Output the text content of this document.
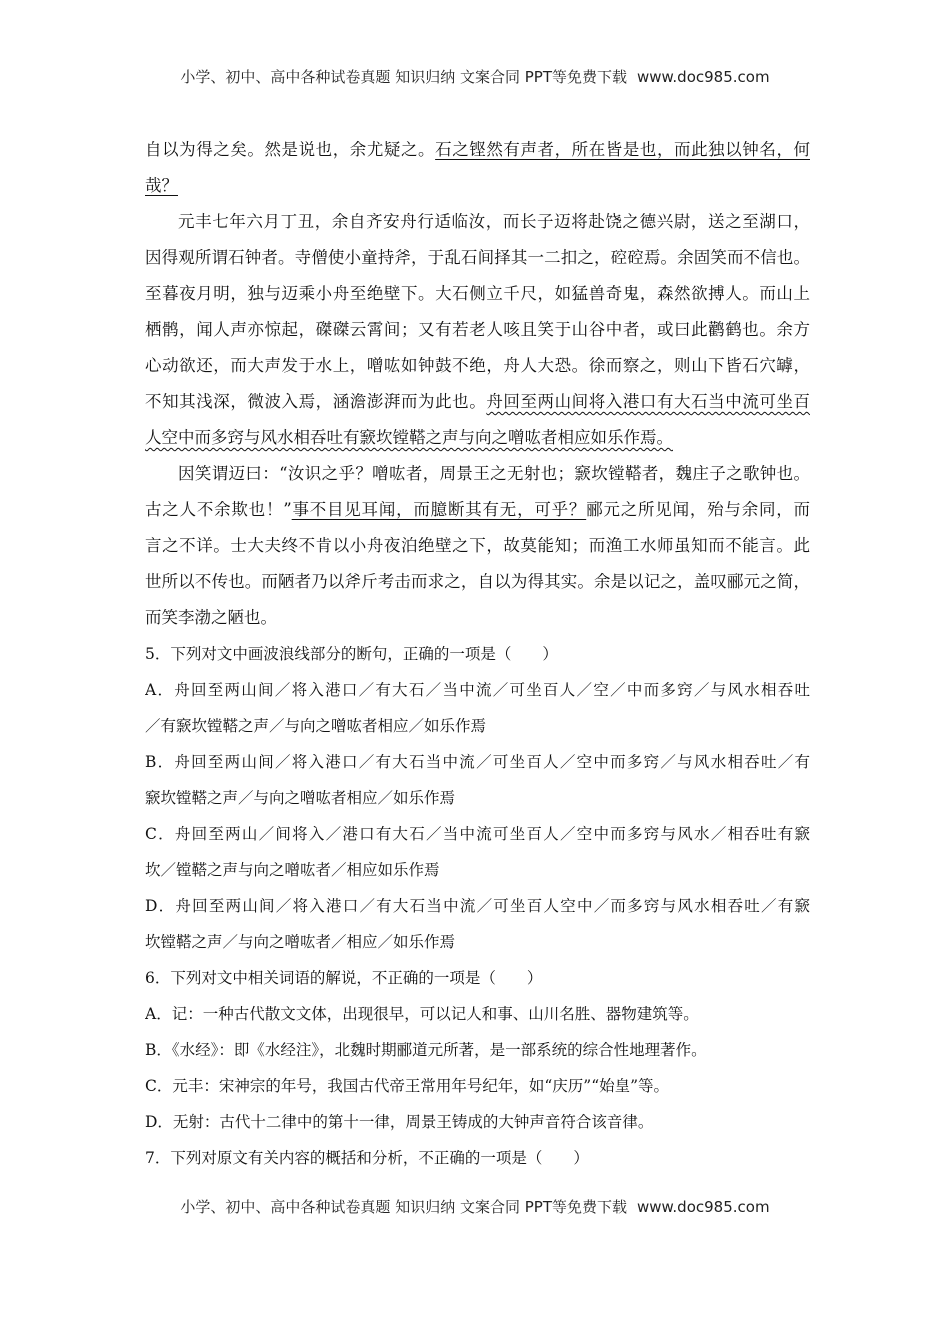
小学、初中、高中各种试卷真题 知识归纳 文案合同 PPT等免费下载 www.doc985.com
自以为得之矣。然是说也，余尤疑之。石之铿然有声者，所在皆是也，而此独以钟名，何
哉？
元丰七年六月丁丑，余自齐安舟行适临汝，而长子迈将赴饶之德兴尉，送之至湖口，
因得观所谓石钟者。寺僧使小童持斧，于乱石间择其一二扣之，硿硿焉。余固笑而不信也。
至暮夜月明，独与迈乘小舟至绝壁下。大石侧立千尺，如猛兽奇鬼，森然欲搏人。而山上
栖鹘，闻人声亦惊起，磔磔云霄间；又有若老人咳且笑于山谷中者，或曰此鹳鹤也。余方
心动欲还，而大声发于水上，噌吰如钟鼓不绝，舟人大恐。徐而察之，则山下皆石穴罅，
不知其浅深，微波入焉，涵澹澎湃而为此也。舟回至两山间将入港口有大石当中流可坐百
人空中而多窍与风水相吞吐有窾坎镗鞳之声与向之噌吰者相应如乐作焉。
因笑谓迈曰：“汝识之乎？噌吰者，周景王之无射也；窾坎镗鞳者，魏庄子之歌钟也。
古之人不余欺也！”事不目见耳闻，而臆断其有无，可乎？郦元之所见闻，殆与余同，而
言之不详。士大夫终不肯以小舟夜泊绝壁之下，故莫能知；而渔工水师虽知而不能言。此
世所以不传也。而陋者乃以斧斤考击而求之，自以为得其实。余是以记之，盖叹郦元之简，
而笑李渤之陋也。
5．下列对文中画波浪线部分的断句，正确的一项是（　　）
A．舟回至两山间／将入港口／有大石／当中流／可坐百人／空／中而多窍／与风水相吞吐
／有窾坎镗鞳之声／与向之噌吰者相应／如乐作焉
B．舟回至两山间／将入港口／有大石当中流／可坐百人／空中而多窍／与风水相吞吐／有
窾坎镗鞳之声／与向之噌吰者相应／如乐作焉
C．舟回至两山／间将入／港口有大石／当中流可坐百人／空中而多窍与风水／相吞吐有窾
坎／镗鞳之声与向之噌吰者／相应如乐作焉
D．舟回至两山间／将入港口／有大石当中流／可坐百人空中／而多窍与风水相吞吐／有窾
坎镗鞳之声／与向之噌吰者／相应／如乐作焉
6．下列对文中相关词语的解说，不正确的一项是（　　）
A．记：一种古代散文文体，出现很早，可以记人和事、山川名胜、器物建筑等。
B．《水经》：即《水经注》，北魏时期郦道元所著，是一部系统的综合性地理著作。
C．元丰：宋神宗的年号，我国古代帝王常用年号纪年，如“庆历”“始皇”等。
D．无射：古代十二律中的第十一律，周景王铸成的大钟声音符合该音律。
7．下列对原文有关内容的概括和分析，不正确的一项是（　　）
小学、初中、高中各种试卷真题 知识归纳 文案合同 PPT等免费下载 www.doc985.com
